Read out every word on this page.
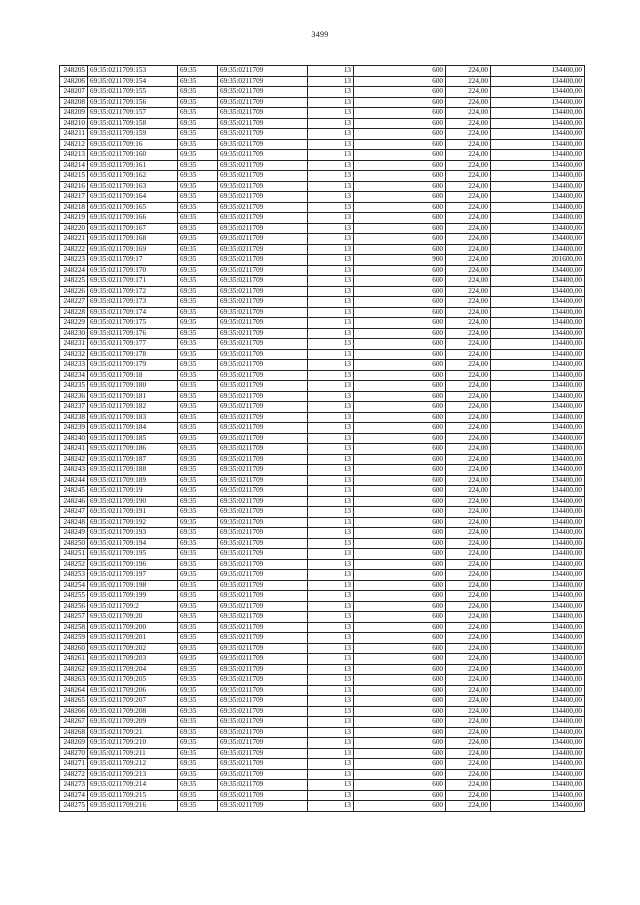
3499
248205	69:35:0211709:153	69:35	69:35:0211709	13	600	224,00	134400,00
248206	69:35:0211709:154	69:35	69:35:0211709	13	600	224,00	134400,00
248207	69:35:0211709:155	69:35	69:35:0211709	13	600	224,00	134400,00
248208	69:35:0211709:156	69:35	69:35:0211709	13	600	224,00	134400,00
248209	69:35:0211709:157	69:35	69:35:0211709	13	600	224,00	134400,00
248210	69:35:0211709:158	69:35	69:35:0211709	13	600	224,00	134400,00
248211	69:35:0211709:159	69:35	69:35:0211709	13	600	224,00	134400,00
248212	69:35:0211709:16	69:35	69:35:0211709	13	600	224,00	134400,00
248213	69:35:0211709:160	69:35	69:35:0211709	13	600	224,00	134400,00
248214	69:35:0211709:161	69:35	69:35:0211709	13	600	224,00	134400,00
248215	69:35:0211709:162	69:35	69:35:0211709	13	600	224,00	134400,00
248216	69:35:0211709:163	69:35	69:35:0211709	13	600	224,00	134400,00
248217	69:35:0211709:164	69:35	69:35:0211709	13	600	224,00	134400,00
248218	69:35:0211709:165	69:35	69:35:0211709	13	600	224,00	134400,00
248219	69:35:0211709:166	69:35	69:35:0211709	13	600	224,00	134400,00
248220	69:35:0211709:167	69:35	69:35:0211709	13	600	224,00	134400,00
248221	69:35:0211709:168	69:35	69:35:0211709	13	600	224,00	134400,00
248222	69:35:0211709:169	69:35	69:35:0211709	13	600	224,00	134400,00
248223	69:35:0211709:17	69:35	69:35:0211709	13	900	224,00	201600,00
248224	69:35:0211709:170	69:35	69:35:0211709	13	600	224,00	134400,00
248225	69:35:0211709:171	69:35	69:35:0211709	13	600	224,00	134400,00
248226	69:35:0211709:172	69:35	69:35:0211709	13	600	224,00	134400,00
248227	69:35:0211709:173	69:35	69:35:0211709	13	600	224,00	134400,00
248228	69:35:0211709:174	69:35	69:35:0211709	13	600	224,00	134400,00
248229	69:35:0211709:175	69:35	69:35:0211709	13	600	224,00	134400,00
248230	69:35:0211709:176	69:35	69:35:0211709	13	600	224,00	134400,00
248231	69:35:0211709:177	69:35	69:35:0211709	13	600	224,00	134400,00
248232	69:35:0211709:178	69:35	69:35:0211709	13	600	224,00	134400,00
248233	69:35:0211709:179	69:35	69:35:0211709	13	600	224,00	134400,00
248234	69:35:0211709:18	69:35	69:35:0211709	13	600	224,00	134400,00
248235	69:35:0211709:180	69:35	69:35:0211709	13	600	224,00	134400,00
248236	69:35:0211709:181	69:35	69:35:0211709	13	600	224,00	134400,00
248237	69:35:0211709:182	69:35	69:35:0211709	13	600	224,00	134400,00
248238	69:35:0211709:183	69:35	69:35:0211709	13	600	224,00	134400,00
248239	69:35:0211709:184	69:35	69:35:0211709	13	600	224,00	134400,00
248240	69:35:0211709:185	69:35	69:35:0211709	13	600	224,00	134400,00
248241	69:35:0211709:186	69:35	69:35:0211709	13	600	224,00	134400,00
248242	69:35:0211709:187	69:35	69:35:0211709	13	600	224,00	134400,00
248243	69:35:0211709:188	69:35	69:35:0211709	13	600	224,00	134400,00
248244	69:35:0211709:189	69:35	69:35:0211709	13	600	224,00	134400,00
248245	69:35:0211709:19	69:35	69:35:0211709	13	600	224,00	134400,00
248246	69:35:0211709:190	69:35	69:35:0211709	13	600	224,00	134400,00
248247	69:35:0211709:191	69:35	69:35:0211709	13	600	224,00	134400,00
248248	69:35:0211709:192	69:35	69:35:0211709	13	600	224,00	134400,00
248249	69:35:0211709:193	69:35	69:35:0211709	13	600	224,00	134400,00
248250	69:35:0211709:194	69:35	69:35:0211709	13	600	224,00	134400,00
248251	69:35:0211709:195	69:35	69:35:0211709	13	600	224,00	134400,00
248252	69:35:0211709:196	69:35	69:35:0211709	13	600	224,00	134400,00
248253	69:35:0211709:197	69:35	69:35:0211709	13	600	224,00	134400,00
248254	69:35:0211709:198	69:35	69:35:0211709	13	600	224,00	134400,00
248255	69:35:0211709:199	69:35	69:35:0211709	13	600	224,00	134400,00
248256	69:35:0211709:2	69:35	69:35:0211709	13	600	224,00	134400,00
248257	69:35:0211709:20	69:35	69:35:0211709	13	600	224,00	134400,00
248258	69:35:0211709:200	69:35	69:35:0211709	13	600	224,00	134400,00
248259	69:35:0211709:201	69:35	69:35:0211709	13	600	224,00	134400,00
248260	69:35:0211709:202	69:35	69:35:0211709	13	600	224,00	134400,00
248261	69:35:0211709:203	69:35	69:35:0211709	13	600	224,00	134400,00
248262	69:35:0211709:204	69:35	69:35:0211709	13	600	224,00	134400,00
248263	69:35:0211709:205	69:35	69:35:0211709	13	600	224,00	134400,00
248264	69:35:0211709:206	69:35	69:35:0211709	13	600	224,00	134400,00
248265	69:35:0211709:207	69:35	69:35:0211709	13	600	224,00	134400,00
248266	69:35:0211709:208	69:35	69:35:0211709	13	600	224,00	134400,00
248267	69:35:0211709:209	69:35	69:35:0211709	13	600	224,00	134400,00
248268	69:35:0211709:21	69:35	69:35:0211709	13	600	224,00	134400,00
248269	69:35:0211709:210	69:35	69:35:0211709	13	600	224,00	134400,00
248270	69:35:0211709:211	69:35	69:35:0211709	13	600	224,00	134400,00
248271	69:35:0211709:212	69:35	69:35:0211709	13	600	224,00	134400,00
248272	69:35:0211709:213	69:35	69:35:0211709	13	600	224,00	134400,00
248273	69:35:0211709:214	69:35	69:35:0211709	13	600	224,00	134400,00
248274	69:35:0211709:215	69:35	69:35:0211709	13	600	224,00	134400,00
248275	69:35:0211709:216	69:35	69:35:0211709	13	600	224,00	134400,00
